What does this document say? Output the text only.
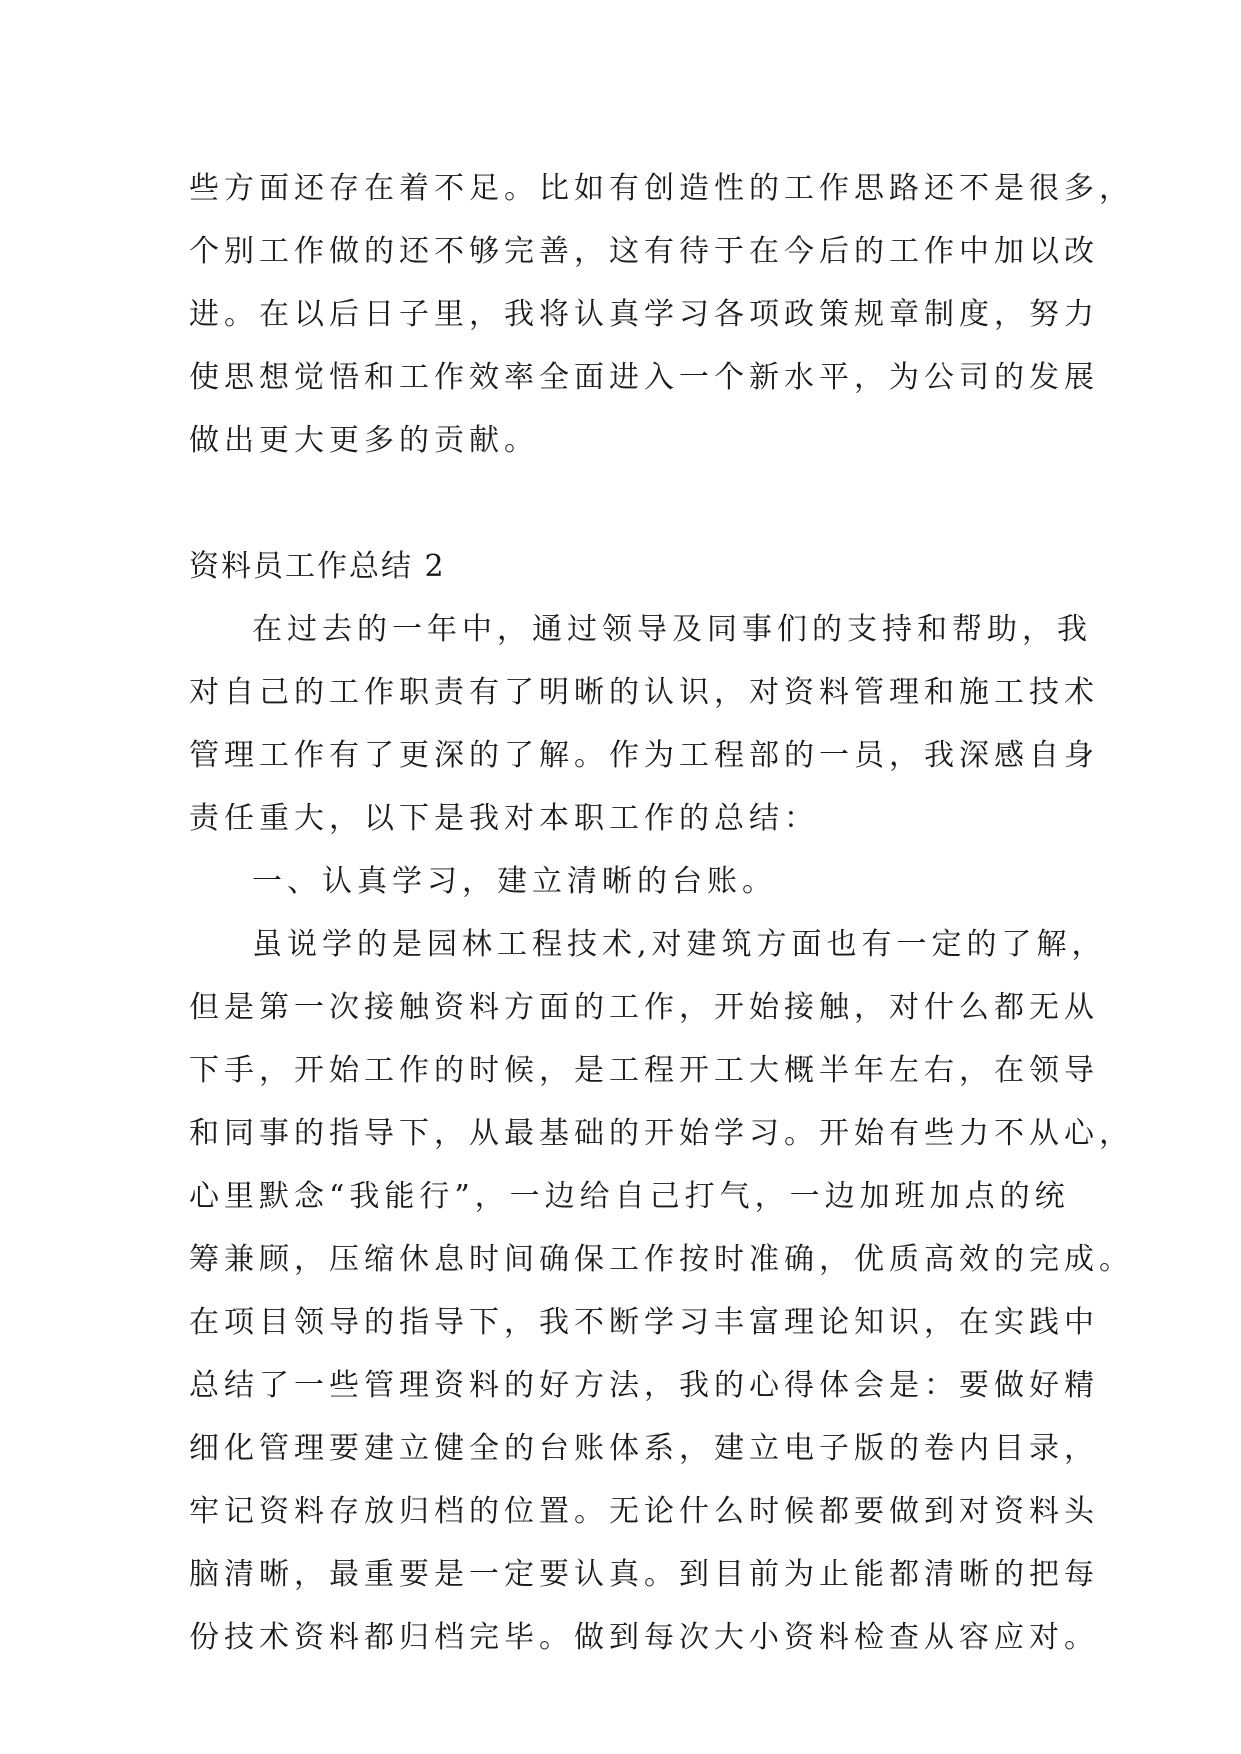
些方面还存在着不足。比如有创造性的工作思路还不是很多，
个别工作做的还不够完善，这有待于在今后的工作中加以改
进。在以后日子里，我将认真学习各项政策规章制度，努力
使思想觉悟和工作效率全面进入一个新水平，为公司的发展
做出更大更多的贡献。
资料员工作总结 2
在过去的一年中，通过领导及同事们的支持和帮助，我
对自己的工作职责有了明晰的认识，对资料管理和施工技术
管理工作有了更深的了解。作为工程部的一员，我深感自身
责任重大，以下是我对本职工作的总结：
一、认真学习，建立清晰的台账。
虽说学的是园林工程技术,对建筑方面也有一定的了解，
但是第一次接触资料方面的工作，开始接触，对什么都无从
下手，开始工作的时候，是工程开工大概半年左右，在领导
和同事的指导下，从最基础的开始学习。开始有些力不从心，
心里默念“我能行”，一边给自己打气，一边加班加点的统
筹兼顾，压缩休息时间确保工作按时准确，优质高效的完成。
在项目领导的指导下，我不断学习丰富理论知识，在实践中
总结了一些管理资料的好方法，我的心得体会是：要做好精
细化管理要建立健全的台账体系，建立电子版的卷内目录，
牢记资料存放归档的位置。无论什么时候都要做到对资料头
脑清晰，最重要是一定要认真。到目前为止能都清晰的把每
份技术资料都归档完毕。做到每次大小资料检查从容应对。
